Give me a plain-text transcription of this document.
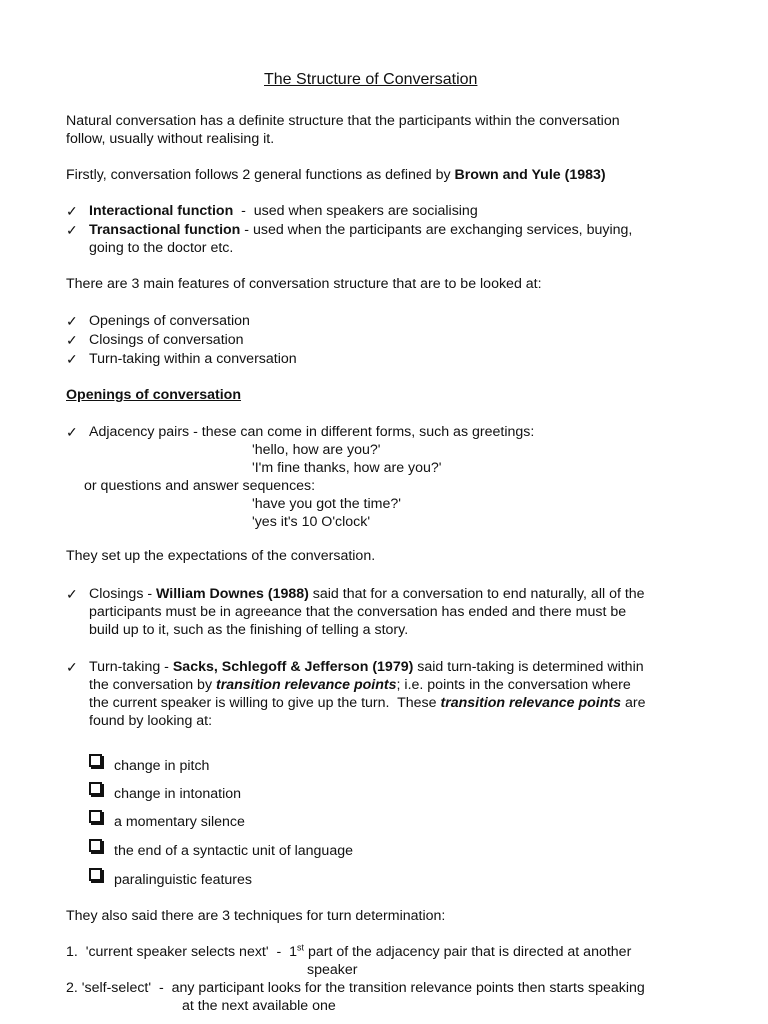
The Structure of Conversation
Natural conversation has a definite structure that the participants within the conversation
follow, usually without realising it.
Firstly, conversation follows 2 general functions as defined by Brown and Yule (1983)
✓ Interactional function  -  used when speakers are socialising
✓ Transactional function - used when the participants are exchanging services, buying,
going to the doctor etc.
There are 3 main features of conversation structure that are to be looked at:
✓ Openings of conversation
✓ Closings of conversation
✓ Turn-taking within a conversation
Openings of conversation
✓ Adjacency pairs - these can come in different forms, such as greetings:
'hello, how are you?'
'I'm fine thanks, how are you?'
or questions and answer sequences:
'have you got the time?'
'yes it's 10 O'clock'
They set up the expectations of the conversation.
✓ Closings - William Downes (1988) said that for a conversation to end naturally, all of the
participants must be in agreeance that the conversation has ended and there must be
build up to it, such as the finishing of telling a story.
✓ Turn-taking - Sacks, Schlegoff & Jefferson (1979) said turn-taking is determined within
the conversation by transition relevance points; i.e. points in the conversation where
the current speaker is willing to give up the turn.  These transition relevance points are
found by looking at:
change in pitch
change in intonation
a momentary silence
the end of a syntactic unit of language
paralinguistic features
They also said there are 3 techniques for turn determination:
1. 'current speaker selects next'  -  1st part of the adjacency pair that is directed at another
speaker
2. 'self-select'  -  any participant looks for the transition relevance points then starts speaking
at the next available one
